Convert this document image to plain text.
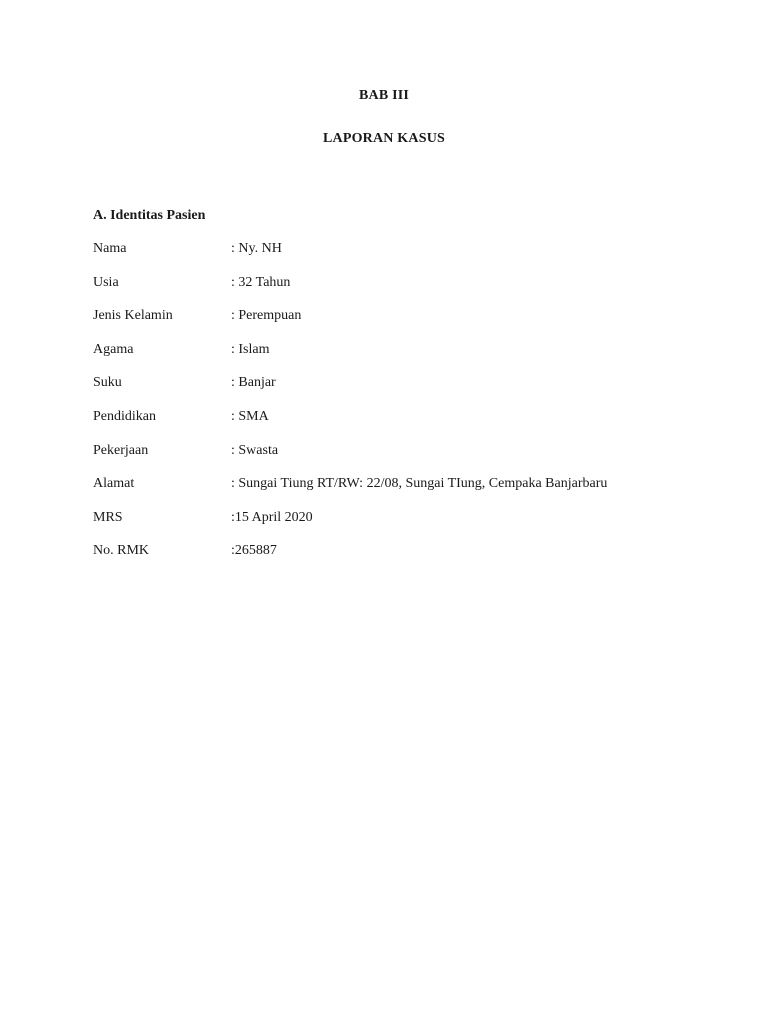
BAB III
LAPORAN KASUS
A. Identitas Pasien
Nama	: Ny. NH
Usia	: 32 Tahun
Jenis Kelamin	: Perempuan
Agama	: Islam
Suku	: Banjar
Pendidikan	: SMA
Pekerjaan	: Swasta
Alamat	: Sungai Tiung RT/RW: 22/08, Sungai TIung, Cempaka Banjarbaru
MRS	:15 April 2020
No. RMK	:265887
